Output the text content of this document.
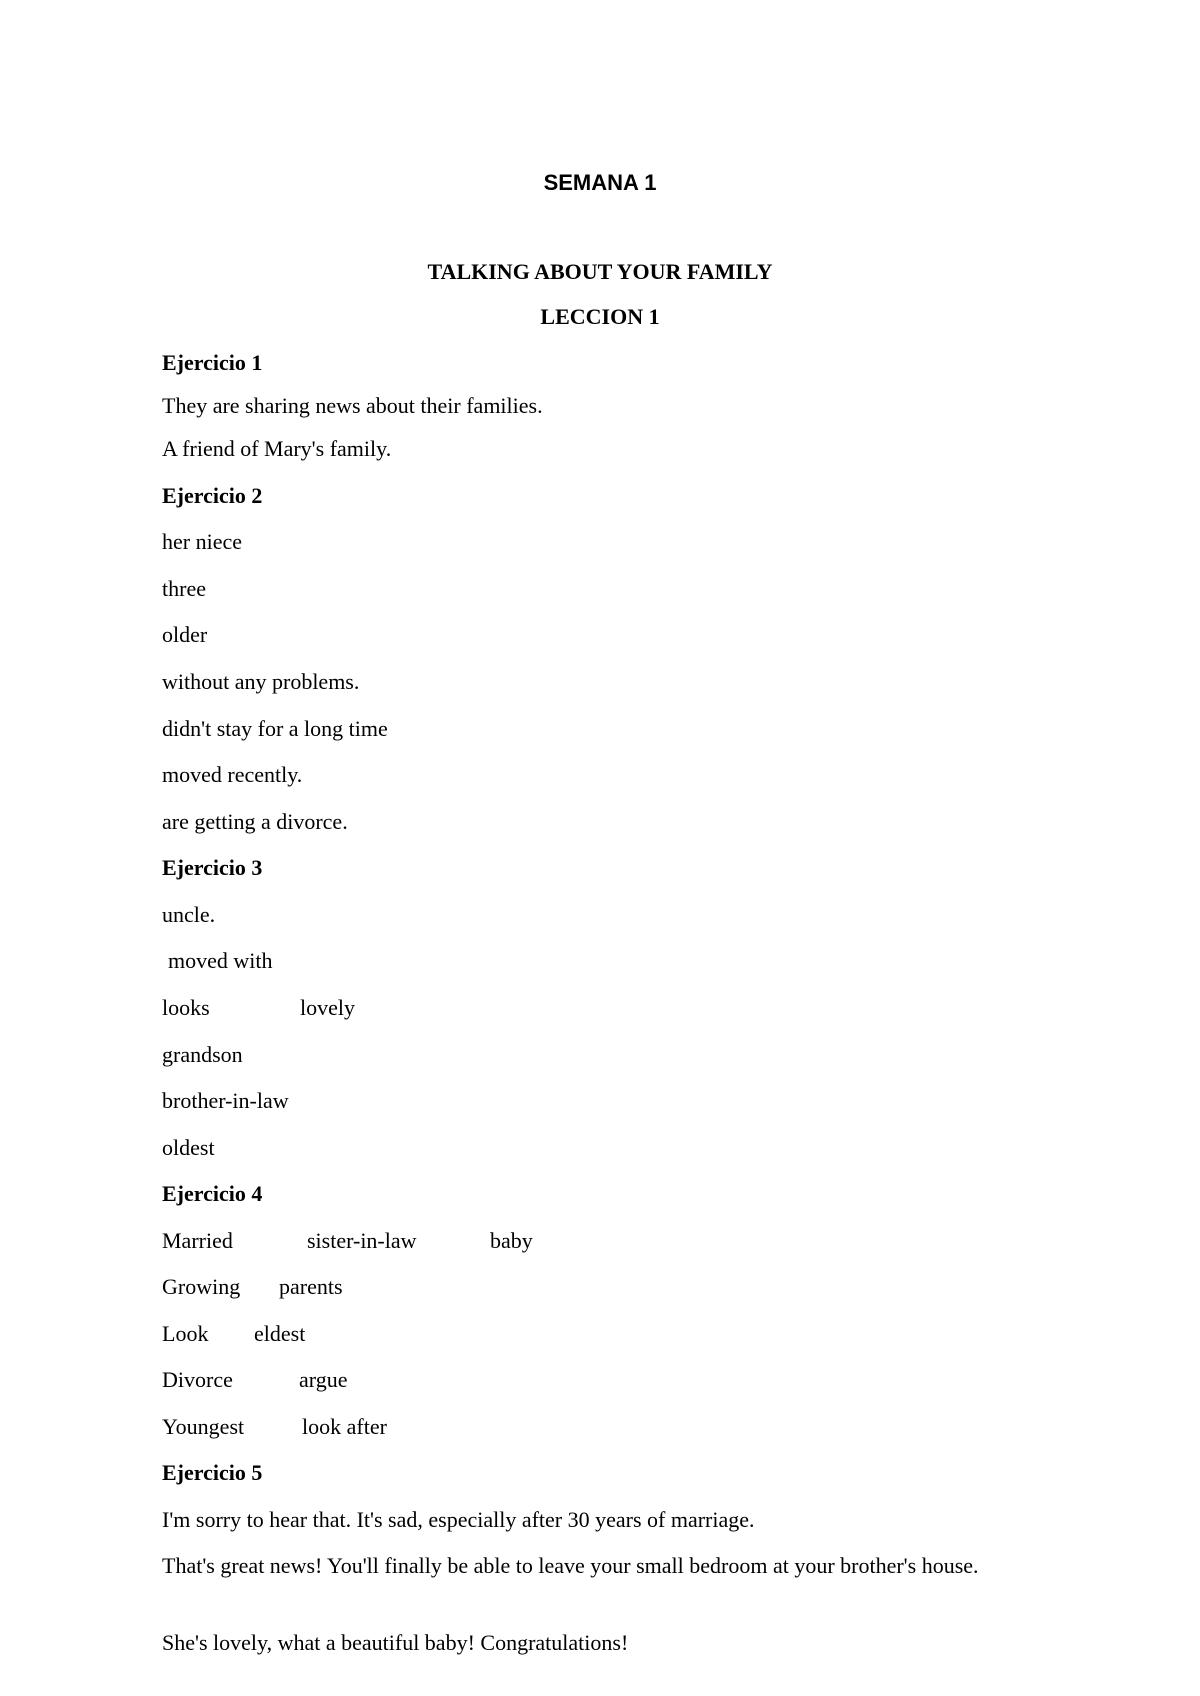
SEMANA 1
TALKING ABOUT YOUR FAMILY
LECCION 1
Ejercicio 1
They are sharing news about their families.
A friend of Mary's family.
Ejercicio 2
her niece
three
older
without any problems.
didn't stay for a long time
moved recently.
are getting a divorce.
Ejercicio 3
uncle.
moved with
looks	lovely
grandson
brother-in-law
oldest
Ejercicio 4
Married	sister-in-law	baby
Growing parents
Look eldest
Divorce	argue
Youngest	look after
Ejercicio 5
I'm sorry to hear that. It's sad, especially after 30 years of marriage.
That's great news! You'll finally be able to leave your small bedroom at your brother's house.
She's lovely, what a beautiful baby! Congratulations!
